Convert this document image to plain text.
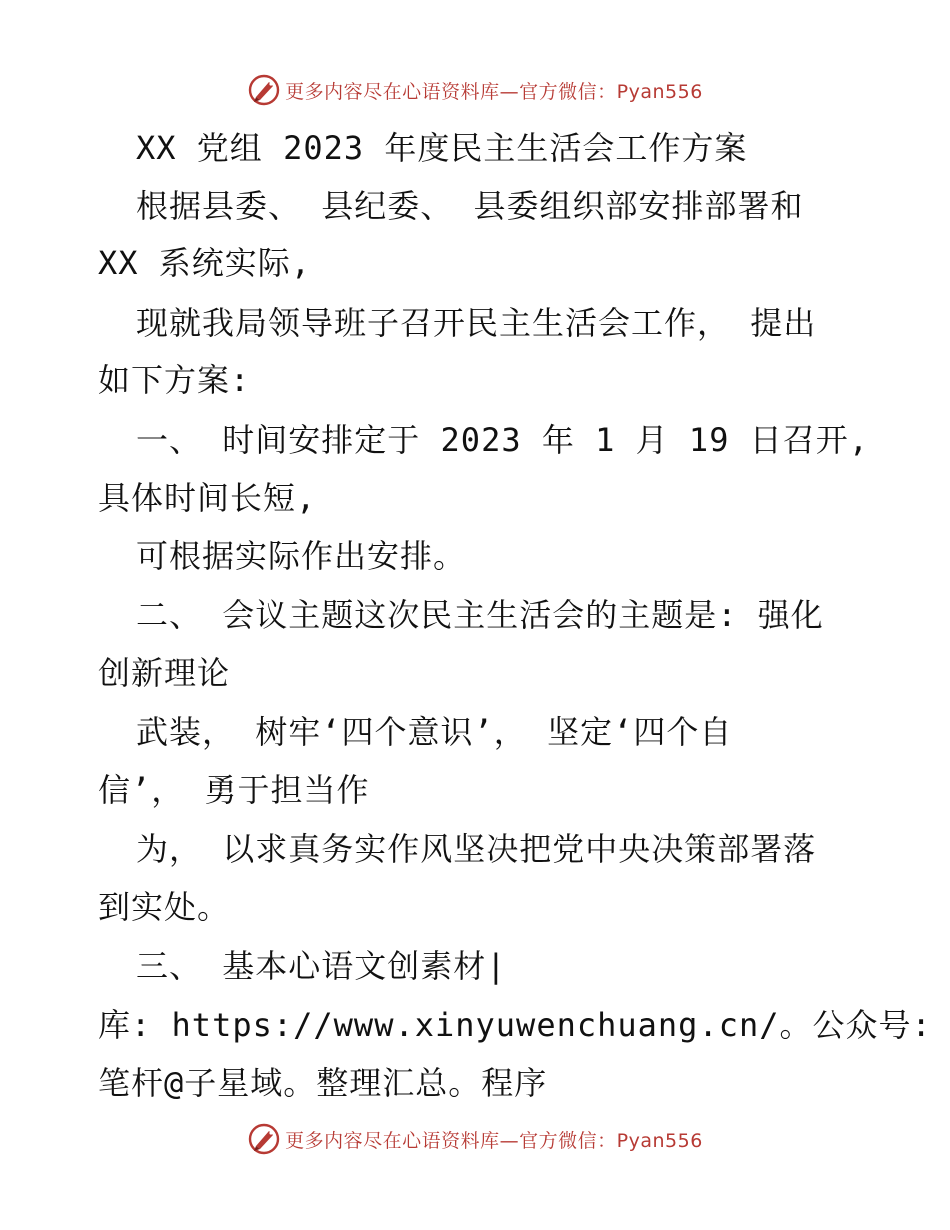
更多内容尽在心语资料库—官方微信：Pyan556
XX 党组 2023 年度民主生活会工作方案
根据县委、 县纪委、 县委组织部安排部署和
XX 系统实际,
现就我局领导班子召开民主生活会工作， 提出
如下方案:
一、 时间安排定于 2023 年 1 月 19 日召开,
具体时间长短,
可根据实际作出安排。
二、 会议主题这次民主生活会的主题是: 强化
创新理论
武装， 树牢‘四个意识’， 坚定‘四个自
信’， 勇于担当作
为， 以求真务实作风坚决把党中央决策部署落
到实处。
三、 基本心语文创素材|
库: https://www.xinyuwenchuang.cn/。公众号:
笔杆@子星域。整理汇总。程序
更多内容尽在心语资料库—官方微信：Pyan556
